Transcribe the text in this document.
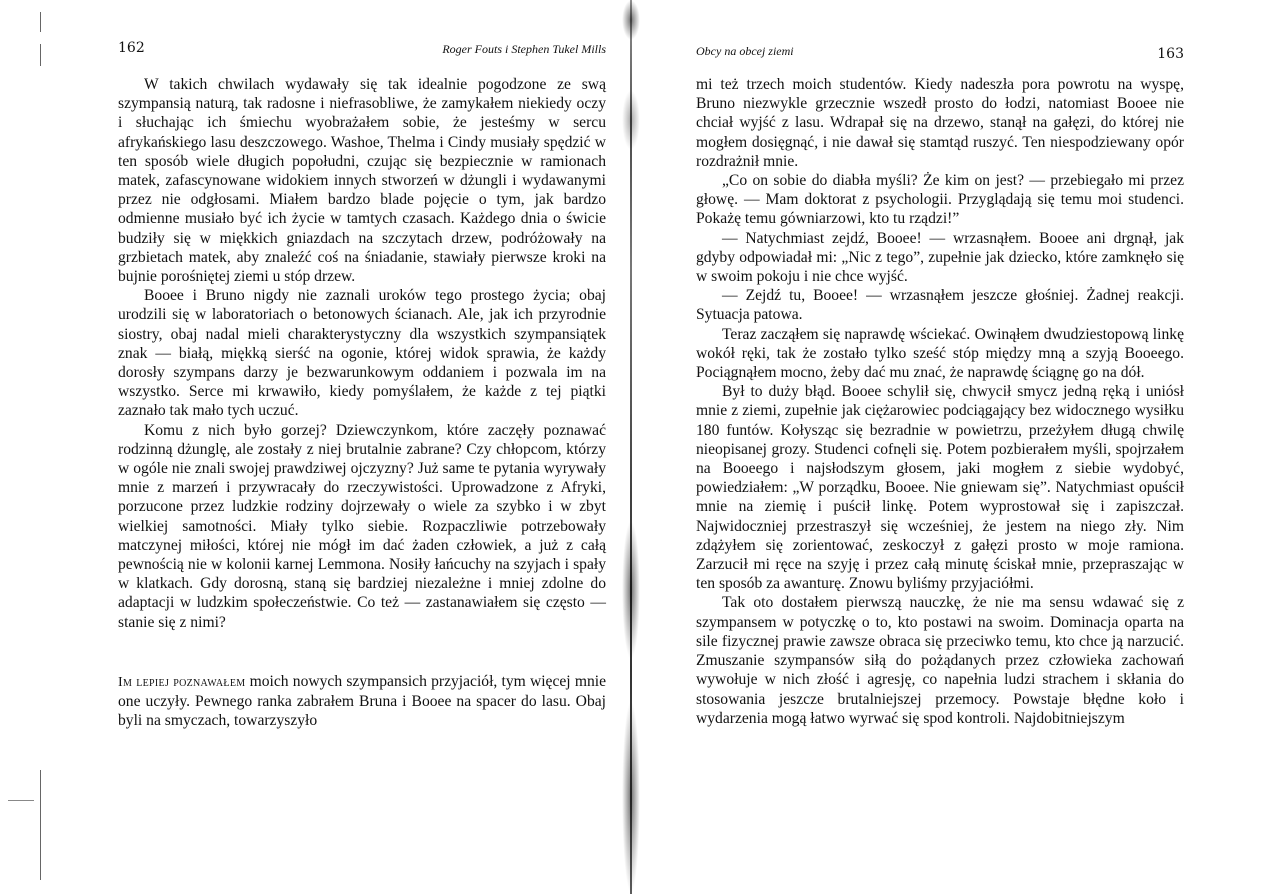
162	Roger Fouts i Stephen Tukel Mills

W takich chwilach wydawały się tak idealnie pogodzone ze swą szympansią naturą, tak radosne i niefrasobliwe, że zamykałem niekiedy oczy i słuchając ich śmiechu wyobrażałem sobie, że jesteśmy w sercu afrykańskiego lasu deszczowego. Washoe, Thelma i Cindy musiały spędzić w ten sposób wiele długich popołudni, czując się bezpiecznie w ramionach matek, zafascynowane widokiem innych stworzeń w dżungli i wydawanymi przez nie odgłosami. Miałem bardzo blade pojęcie o tym, jak bardzo odmienne musiało być ich życie w tamtych czasach. Każdego dnia o świcie budziły się w miękkich gniazdach na szczytach drzew, podróżowały na grzbietach matek, aby znaleźć coś na śniadanie, stawiały pierwsze kroki na bujnie porośniętej ziemi u stóp drzew.

Booee i Bruno nigdy nie zaznali uroków tego prostego życia; obaj urodzili się w laboratoriach o betonowych ścianach. Ale, jak ich przyrodnie siostry, obaj nadal mieli charakterystyczny dla wszystkich szympansiątek znak — białą, miękką sierść na ogonie, której widok sprawia, że każdy dorosły szympans darzy je bezwarunkowym oddaniem i pozwala im na wszystko. Serce mi krwawiło, kiedy pomyślałem, że każde z tej piątki zaznało tak mało tych uczuć.

Komu z nich było gorzej? Dziewczynkom, które zaczęły poznawać rodzinną dżunglę, ale zostały z niej brutalnie zabrane? Czy chłopcom, którzy w ogóle nie znali swojej prawdziwej ojczyzny? Już same te pytania wyrywały mnie z marzeń i przywracały do rzeczywistości. Uprowadzone z Afryki, porzucone przez ludzkie rodziny dojrzewały o wiele za szybko i w zbyt wielkiej samotności. Miały tylko siebie. Rozpaczliwie potrzebowały matczynej miłości, której nie mógł im dać żaden człowiek, a już z całą pewnością nie w kolonii karnej Lemmona. Nosiły łańcuchy na szyjach i spały w klatkach. Gdy dorosną, staną się bardziej niezależne i mniej zdolne do adaptacji w ludzkim społeczeństwie. Co też — zastanawiałem się często — stanie się z nimi?

Im lepiej poznawałem moich nowych szympansich przyjaciół, tym więcej mnie one uczyły. Pewnego ranka zabrałem Bruna i Booee na spacer do lasu. Obaj byli na smyczach, towarzyszyło

Obcy na obcej ziemi	163

mi też trzech moich studentów. Kiedy nadeszła pora powrotu na wyspę, Bruno niezwykle grzecznie wszedł prosto do łodzi, natomiast Booee nie chciał wyjść z lasu. Wdrapał się na drzewo, stanął na gałęzi, do której nie mogłem dosięgnąć, i nie dawał się stamtąd ruszyć. Ten niespodziewany opór rozdrażnił mnie.

„Co on sobie do diabła myśli? Że kim on jest? — przebiegało mi przez głowę. — Mam doktorat z psychologii. Przyglądają się temu moi studenci. Pokażę temu gówniarzowi, kto tu rządzi!”

— Natychmiast zejdź, Booee! — wrzasnąłem. Booee ani drgnął, jak gdyby odpowiadał mi: „Nic z tego”, zupełnie jak dziecko, które zamknęło się w swoim pokoju i nie chce wyjść.

— Zejdź tu, Booee! — wrzasnąłem jeszcze głośniej. Żadnej reakcji. Sytuacja patowa.

Teraz zacząłem się naprawdę wściekać. Owinąłem dwudziestopową linkę wokół ręki, tak że zostało tylko sześć stóp między mną a szyją Booeego. Pociągnąłem mocno, żeby dać mu znać, że naprawdę ściągnę go na dół.

Był to duży błąd. Booee schylił się, chwycił smycz jedną ręką i uniósł mnie z ziemi, zupełnie jak ciężarowiec podciągający bez widocznego wysiłku 180 funtów. Kołysząc się bezradnie w powietrzu, przeżyłem długą chwilę nieopisanej grozy. Studenci cofnęli się. Potem pozbierałem myśli, spojrzałem na Booeego i najsłodszym głosem, jaki mogłem z siebie wydobyć, powiedziałem: „W porządku, Booee. Nie gniewam się”. Natychmiast opuścił mnie na ziemię i puścił linkę. Potem wyprostował się i zapiszczał. Najwidoczniej przestraszył się wcześniej, że jestem na niego zły. Nim zdążyłem się zorientować, zeskoczył z gałęzi prosto w moje ramiona. Zarzucił mi ręce na szyję i przez całą minutę ściskał mnie, przepraszając w ten sposób za awanturę. Znowu byliśmy przyjaciółmi.

Tak oto dostałem pierwszą nauczkę, że nie ma sensu wdawać się z szympansem w potyczkę o to, kto postawi na swoim. Dominacja oparta na sile fizycznej prawie zawsze obraca się przeciwko temu, kto chce ją narzucić. Zmuszanie szympansów siłą do pożądanych przez człowieka zachowań wywołuje w nich złość i agresję, co napełnia ludzi strachem i skłania do stosowania jeszcze brutalniejszej przemocy. Powstaje błędne koło i wydarzenia mogą łatwo wyrwać się spod kontroli. Najdobitniejszym
